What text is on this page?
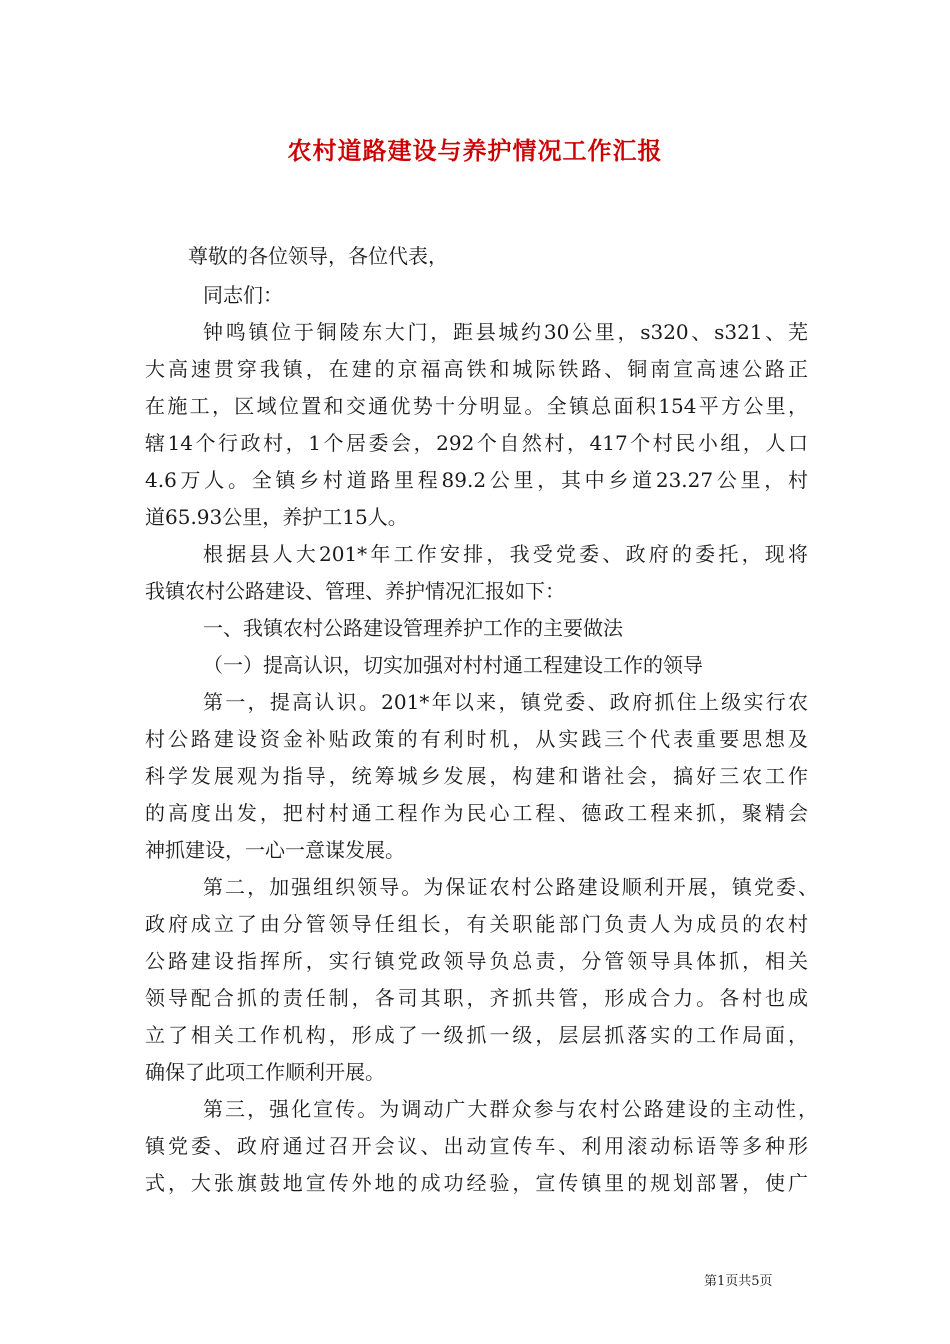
农村道路建设与养护情况工作汇报

尊敬的各位领导，各位代表，

同志们：

钟鸣镇位于铜陵东大门，距县城约30公里，s320、s321、芜

大高速贯穿我镇，在建的京福高铁和城际铁路、铜南宣高速公路正

在施工，区域位置和交通优势十分明显。全镇总面积154平方公里，

辖14个行政村，1个居委会，292个自然村，417个村民小组，人口

4.6万人。全镇乡村道路里程89.2公里，其中乡道23.27公里，村

道65.93公里，养护工15人。

根据县人大201*年工作安排，我受党委、政府的委托，现将

我镇农村公路建设、管理、养护情况汇报如下：

一、我镇农村公路建设管理养护工作的主要做法

（一）提高认识，切实加强对村村通工程建设工作的领导

第一，提高认识。201*年以来，镇党委、政府抓住上级实行农

村公路建设资金补贴政策的有利时机，从实践三个代表重要思想及

科学发展观为指导，统筹城乡发展，构建和谐社会，搞好三农工作

的高度出发，把村村通工程作为民心工程、德政工程来抓，聚精会

神抓建设，一心一意谋发展。

第二，加强组织领导。为保证农村公路建设顺利开展，镇党委、

政府成立了由分管领导任组长，有关职能部门负责人为成员的农村

公路建设指挥所，实行镇党政领导负总责，分管领导具体抓，相关

领导配合抓的责任制，各司其职，齐抓共管，形成合力。各村也成

立了相关工作机构，形成了一级抓一级，层层抓落实的工作局面，

确保了此项工作顺利开展。

第三，强化宣传。为调动广大群众参与农村公路建设的主动性，

镇党委、政府通过召开会议、出动宣传车、利用滚动标语等多种形

式，大张旗鼓地宣传外地的成功经验，宣传镇里的规划部署，使广

第1页共5页
